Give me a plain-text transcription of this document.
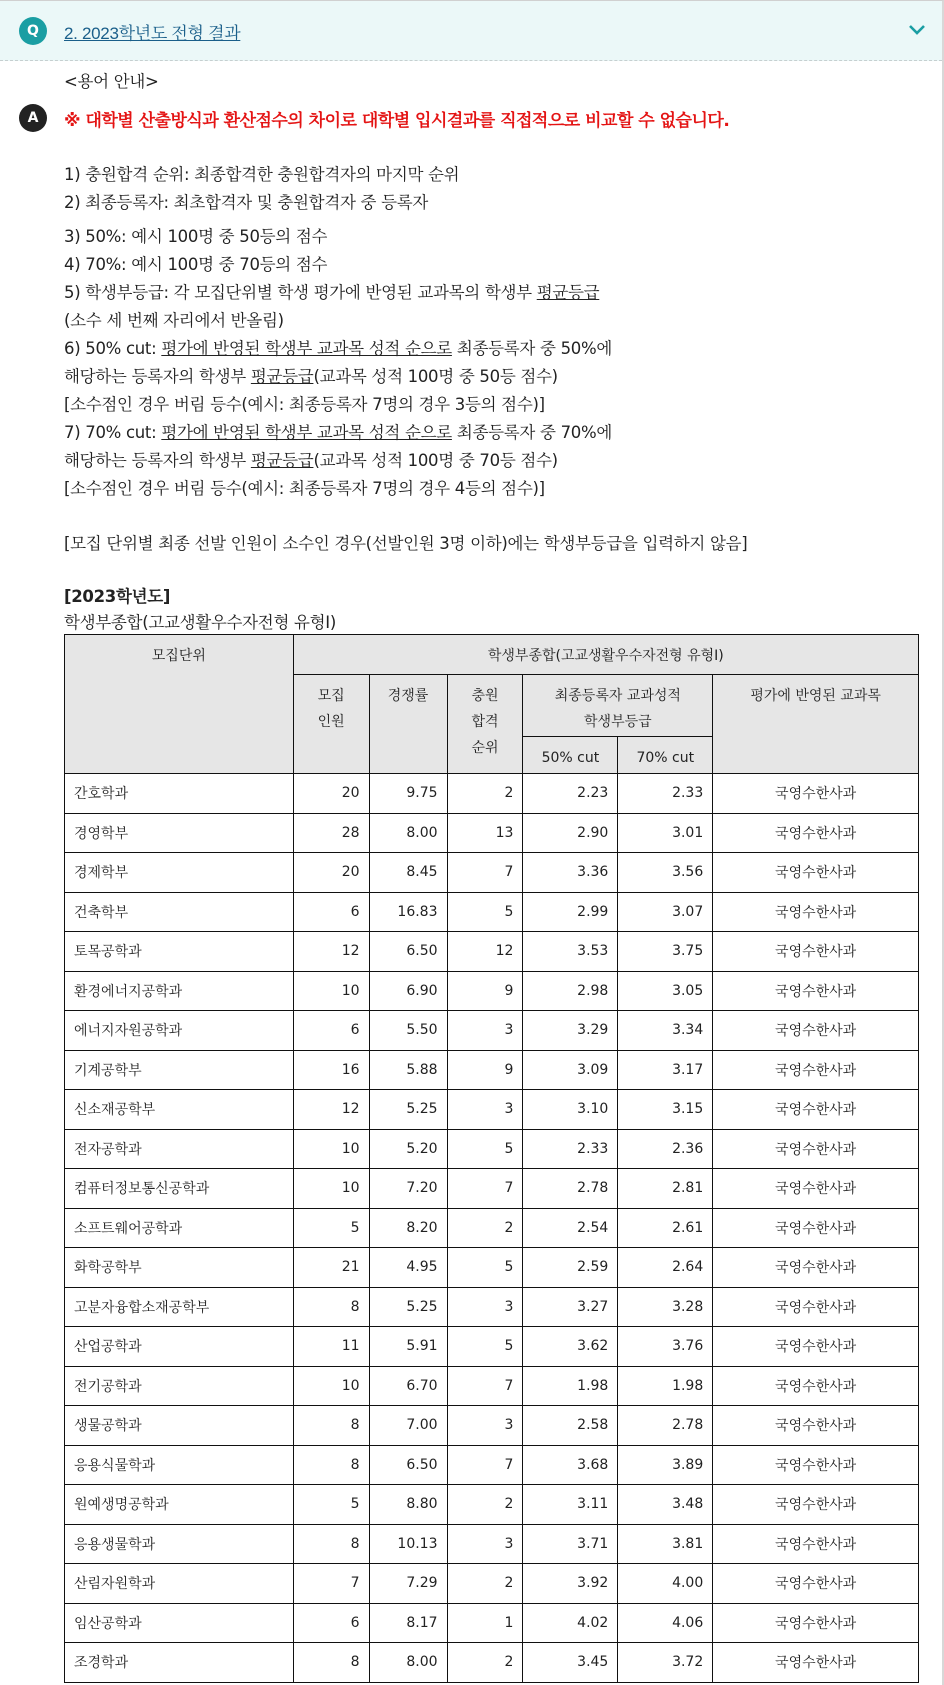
Q	2. 2023학년도 전형 결과
A
<용어 안내>
※ 대학별 산출방식과 환산점수의 차이로 대학별 입시결과를 직접적으로 비교할 수 없습니다.
1) 충원합격 순위: 최종합격한 충원합격자의 마지막 순위
2) 최종등록자: 최초합격자 및 충원합격자 중 등록자
3) 50%: 예시 100명 중 50등의 점수
4) 70%: 예시 100명 중 70등의 점수
5) 학생부등급: 각 모집단위별 학생 평가에 반영된 교과목의 학생부 평균등급
(소수 세 번째 자리에서 반올림)
6) 50% cut: 평가에 반영된 학생부 교과목 성적 순으로 최종등록자 중 50%에
해당하는 등록자의 학생부 평균등급(교과목 성적 100명 중 50등 점수)
[소수점인 경우 버림 등수(예시: 최종등록자 7명의 경우 3등의 점수)]
7) 70% cut: 평가에 반영된 학생부 교과목 성적 순으로 최종등록자 중 70%에
해당하는 등록자의 학생부 평균등급(교과목 성적 100명 중 70등 점수)
[소수점인 경우 버림 등수(예시: 최종등록자 7명의 경우 4등의 점수)]
[모집 단위별 최종 선발 인원이 소수인 경우(선발인원 3명 이하)에는 학생부등급을 입력하지 않음]
[2023학년도]
학생부종합(고교생활우수자전형 유형I)
모집단위	학생부종합(고교생활우수자전형 유형I)					
	모집
인원	경쟁률	충원
합격
순위	최종등록자 교과성적
학생부등급		평가에 반영된 교과목
				50% cut	70% cut	
간호학과	20	9.75	2	2.23	2.33	국영수한사과
경영학부	28	8.00	13	2.90	3.01	국영수한사과
경제학부	20	8.45	7	3.36	3.56	국영수한사과
건축학부	6	16.83	5	2.99	3.07	국영수한사과
토목공학과	12	6.50	12	3.53	3.75	국영수한사과
환경에너지공학과	10	6.90	9	2.98	3.05	국영수한사과
에너지자원공학과	6	5.50	3	3.29	3.34	국영수한사과
기계공학부	16	5.88	9	3.09	3.17	국영수한사과
신소재공학부	12	5.25	3	3.10	3.15	국영수한사과
전자공학과	10	5.20	5	2.33	2.36	국영수한사과
컴퓨터정보통신공학과	10	7.20	7	2.78	2.81	국영수한사과
소프트웨어공학과	5	8.20	2	2.54	2.61	국영수한사과
화학공학부	21	4.95	5	2.59	2.64	국영수한사과
고분자융합소재공학부	8	5.25	3	3.27	3.28	국영수한사과
산업공학과	11	5.91	5	3.62	3.76	국영수한사과
전기공학과	10	6.70	7	1.98	1.98	국영수한사과
생물공학과	8	7.00	3	2.58	2.78	국영수한사과
응용식물학과	8	6.50	7	3.68	3.89	국영수한사과
원예생명공학과	5	8.80	2	3.11	3.48	국영수한사과
응용생물학과	8	10.13	3	3.71	3.81	국영수한사과
산림자원학과	7	7.29	2	3.92	4.00	국영수한사과
임산공학과	6	8.17	1	4.02	4.06	국영수한사과
조경학과	8	8.00	2	3.45	3.72	국영수한사과
